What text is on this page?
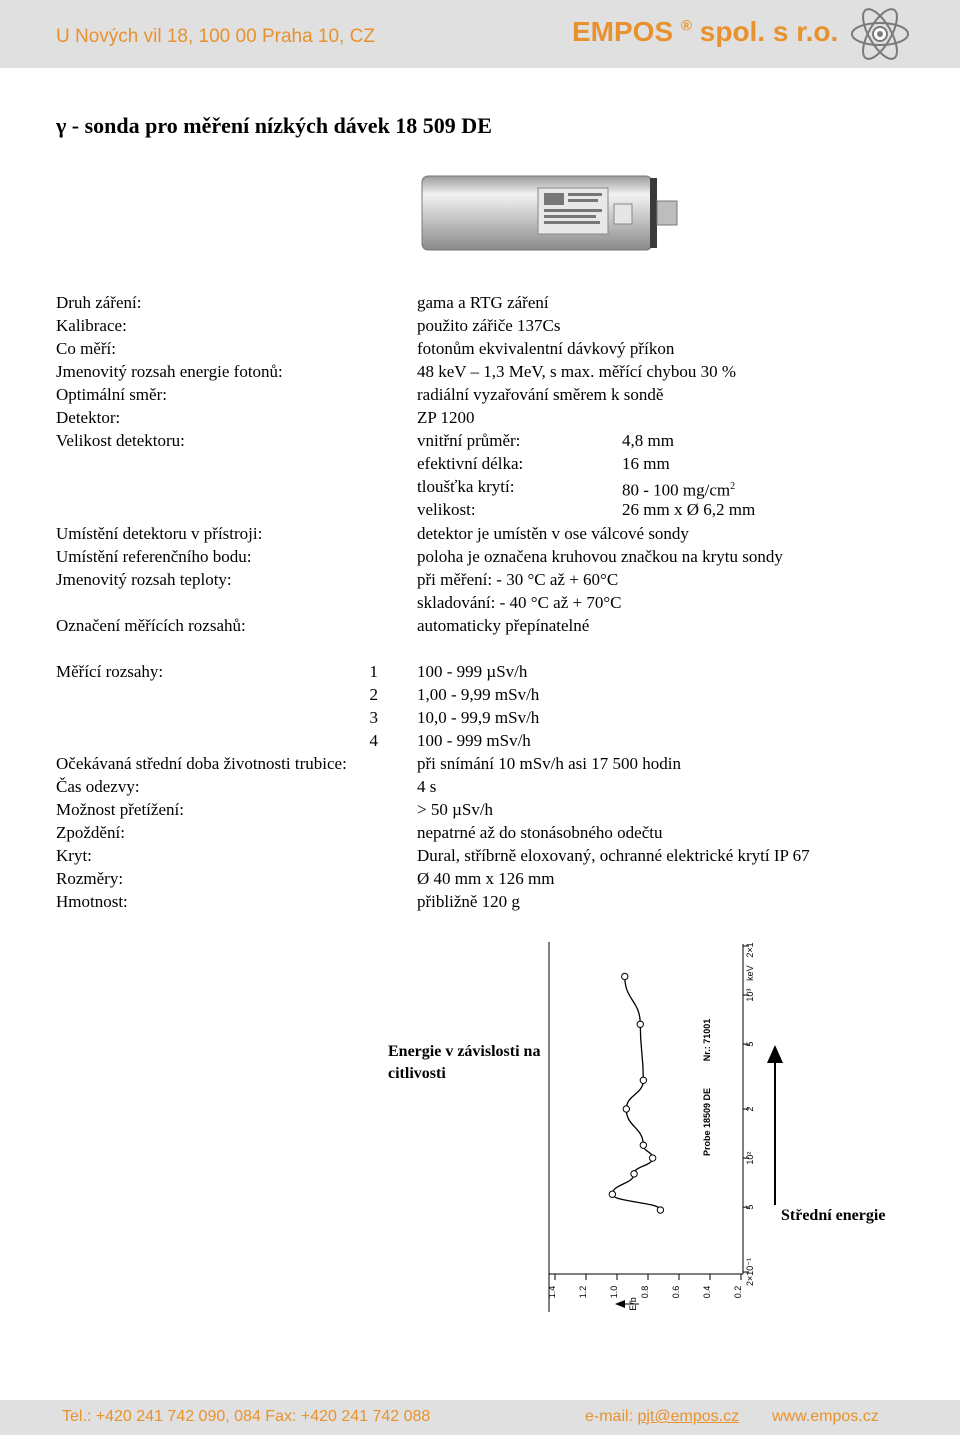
U Nových vil 18, 100 00 Praha 10, CZ	EMPOS ® spol. s r.o.
γ - sonda pro měření nízkých dávek 18 509 DE
Druh záření:	gama a RTG záření
Kalibrace:	použito zářiče 137Cs
Co měří:	fotonům ekvivalentní dávkový příkon
Jmenovitý rozsah energie fotonů:	48 keV – 1,3 MeV, s max. měřící chybou 30 %
Optimální směr:	radiální vyzařování směrem k sondě
Detektor:	ZP 1200
Velikost detektoru:	vnitřní průměr:	4,8 mm
efektivní délka:	16 mm
tloušťka krytí:	80 - 100 $mg/cm^2$
velikost:	26 mm x Ø 6,2 mm
Umístění detektoru v přístroji:	detektor je umístěn v ose válcové sondy
Umístění referenčního bodu:	poloha je označena kruhovou značkou na krytu sondy
Jmenovitý rozsah teploty:	při měření: - 30 °C až + 60°C
skladování: - 40 °C až + 70°C
Označení měřících rozsahů:	automaticky přepínatelné
Měřící rozsahy:	1 100 - 999 µSv/h
2 1,00 - 9,99 mSv/h
3 10,0 - 99,9 mSv/h
4 100 - 999 mSv/h
Očekávaná střední doba životnosti trubice:	při snímání 10 mSv/h asi 17 500 hodin
Čas odezvy:	4 s
Možnost přetížení:	> 50 µSv/h
Zpoždění:	nepatrné až do stonásobného odečtu
Kryt:	Dural, stříbrně eloxovaný, ochranné elektrické krytí IP 67
Rozměry:	Ø 40 mm x 126 mm
Hmotnost:	přibližně 120 g
Energie v závislosti na citlivosti
Střední energie
2×10⁻¹
5
10²
2
5
10³
2×10³
keV
0.2
0.4
0.6
0.8
1.0
1.2
1.4
E/b
Probe 18509 DE
Nr.: 71001
Tel.: +420 241 742 090, 084 Fax: +420 241 742 088	e-mail: pjt@empos.cz www.empos.cz
